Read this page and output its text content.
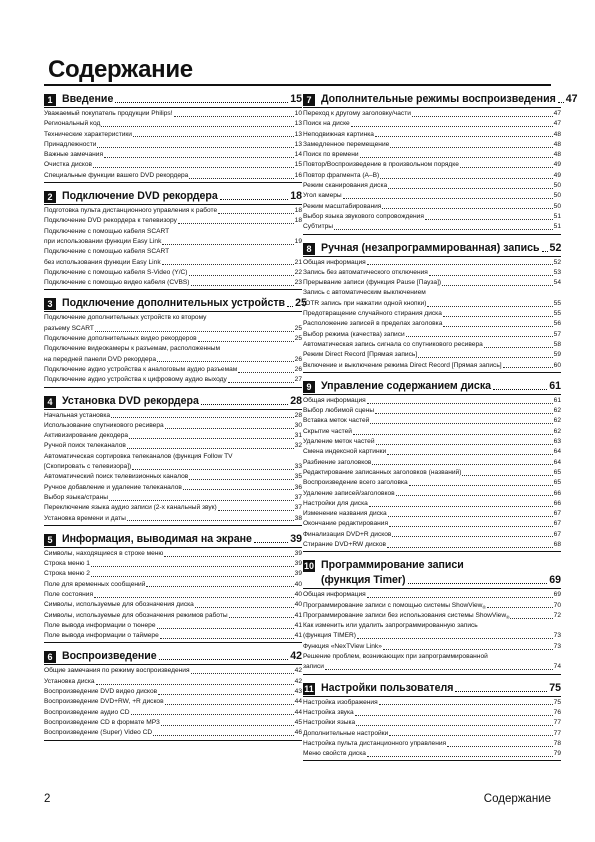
Содержание
1 Введение	15
Уважаемый покупатель продукции Philips!	10
Региональный код	13
Технические характеристики	13
Принадлежности	13
Важные замечания	14
Очистка дисков	15
Специальные функции вашего DVD рекордера	16
2 Подключение DVD рекордера	18
Подготовка пульта дистанционного управления к работе	18
Подключение DVD рекордера к телевизору	18
Подключение с помощью кабеля SCART
при использовании функции Easy Link	19
Подключение с помощью кабеля SCART
без использования функции Easy Link	21
Подключение с помощью кабеля S-Video (Y/C)	22
Подключение с помощью видео кабеля (CVBS)	23
3 Подключение дополнительных устройств 25
Подключение дополнительных устройств ко второму
разъему SCART	25
Подключение дополнительных видео рекордеров	25
Подключение видеокамеры к разъемам, расположенным
на передней панели DVD рекордера	26
Подключение аудио устройства к аналоговым аудио разъемам	26
Подключение аудио устройства к цифровому аудио выходу	27
4 Установка DVD рекордера	28
Начальная установка	28
Использование спутникового ресивера	30
Активизирование декодера	31
Ручной поиск телеканалов	32
Автоматическая сортировка телеканалов (функция Follow TV
[Скопировать с телевизора])	33
Автоматический поиск телевизионных каналов	35
Ручное добавление и удаление телеканалов	36
Выбор языка/страны	37
Переключение языка аудио записи (2-х канальный звук)	37
Установка времени и даты	38
5 Информация, выводимая на экране	39
Символы, находящиеся в строке меню	39
Строка меню 1	39
Строка меню 2	39
Поле для временных сообщений	40
Поле состояния	40
Символы, используемые для обозначения диска	40
Символы, используемые для обозначения режимов работы	41
Поле вывода информации о тюнере	41
Поле вывода информации о таймере	41
6 Воспроизведение	42
Общие замечания по режиму воспроизведения	42
Установка диска	42
Воспроизведение DVD видео дисков	43
Воспроизведение DVD+RW, +R дисков	44
Воспроизведение аудио CD	44
Воспроизведение CD в формате MP3	45
Воспроизведение (Super) Video CD	46
7 Дополнительные режимы воспроизведения 47
Переход к другому заголовку/части	47
Поиск на диске	47
Неподвижная картинка	48
Замедленное перемещение	48
Поиск по времени	48
Повтор/Воспроизведение в произвольном порядке	49
Повтор фрагмента (A–B)	49
Режим сканирования диска	50
Угол камеры	50
Режим масштабирования	50
Выбор языка звукового сопровождения	51
Субтитры	51
8 Ручная (незапрограммированная) запись 52
Общая информация	52
Запись без автоматического отключения	53
Прерывание записи (функция Pause [Пауза])	54
Запись с автоматическим выключением
(OTR запись при нажатии одной кнопки)	55
Предотвращение случайного стирания диска	55
Расположение записей в пределах заголовка	56
Выбор режима (качества) записи	57
Автоматическая запись сигнала со спутникового ресивера	58
Режим Direct Record [Прямая запись]	59
Включение и выключение режима Direct Record [Прямая запись]	60
9 Управление содержанием диска	61
Общая информация	61
Выбор любимой сцены	62
Вставка меток частей	62
Скрытие частей	62
Удаление меток частей	63
Смена индексной картинки	64
Разбиение заголовков	64
Редактирование записанных заголовков (названий)	65
Воспроизведение всего заголовка	65
Удаление записей/заголовков	66
Настройки для диска	66
Изменение названия диска	67
Окончание редактирования	67
Финализация DVD+R дисков	67
Стирание DVD+RW дисков	68
10 Программирование записи
(функция Timer)	69
Общая информация	69
Программирование записи с помощью системы ShowView$_®$	70
Программирование записи без использования системы ShowView$_®$	72
Как изменить или удалить запрограммированную запись
(функция TIMER)	73
Функция «NexTView Link»	73
Решение проблем, возникающих при запрограммированной
записи	74
11 Настройки пользователя	75
Настройка изображения	75
Настройка звука	76
Настройки языка	77
Дополнительные настройки	77
Настройка пульта дистанционного управления	78
Меню свойств диска	79
2	Содержание
